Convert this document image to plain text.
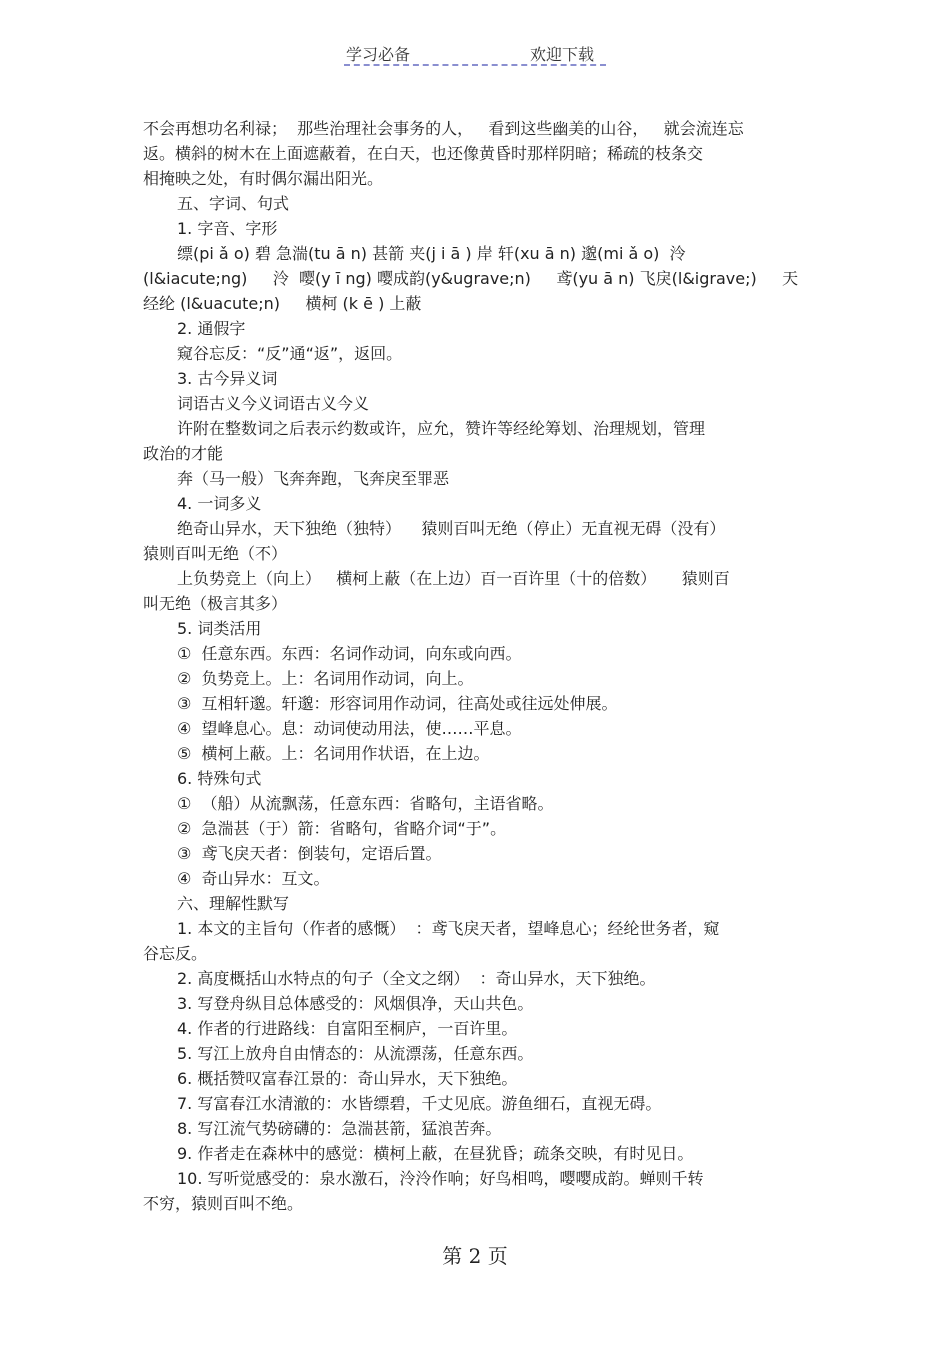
学习必备	欢迎下载
不会再想功名利禄；  那些治理社会事务的人，   看到这些幽美的山谷，   就会流连忘
返。横斜的树木在上面遮蔽着，在白天，也还像黄昏时那样阴暗；稀疏的枝条交
相掩映之处，有时偶尔漏出阳光。
五、字词、句式
1. 字音、字形
缥(pi ǎ o) 碧 急湍(tu ā n) 甚箭 夹(j i ā ) 岸 轩(xu ā n) 邈(mi ǎ o)  泠
(l&iacute;ng)     泠  嘤(y ī ng) 嘤成韵(y&ugrave;n)     鸢(yu ā n) 飞戾(l&igrave;)     天
经纶 (l&uacute;n)     横柯 (k ē ) 上蔽
2. 通假字
窥谷忘反：“反”通“返”，返回。
3. 古今异义词
词语古义今义词语古义今义
许附在整数词之后表示约数或许，应允，赞许等经纶筹划、治理规划，管理
政治的才能
奔（马一般）飞奔奔跑，飞奔戾至罪恶
4. 一词多义
绝奇山异水，天下独绝（独特）    猿则百叫无绝（停止）无直视无碍（没有）
猿则百叫无绝（不）
上负势竞上（向上）   横柯上蔽（在上边）百一百许里（十的倍数）     猿则百
叫无绝（极言其多）
5. 词类活用
①  任意东西。东西：名词作动词，向东或向西。
②  负势竞上。上：名词用作动词，向上。
③  互相轩邈。轩邈：形容词用作动词，往高处或往远处伸展。
④  望峰息心。息：动词使动用法，使……平息。
⑤  横柯上蔽。上：名词用作状语，在上边。
6. 特殊句式
①  （船）从流飘荡，任意东西：省略句，主语省略。
②  急湍甚（于）箭：省略句，省略介词“于”。
③  鸢飞戾天者：倒装句，定语后置。
④  奇山异水：互文。
六、理解性默写
1. 本文的主旨句（作者的感慨）  ：鸢飞戾天者，望峰息心；经纶世务者，窥
谷忘反。
2. 高度概括山水特点的句子（全文之纲）  ：奇山异水，天下独绝。
3. 写登舟纵目总体感受的：风烟俱净，天山共色。
4. 作者的行进路线：自富阳至桐庐，一百许里。
5. 写江上放舟自由情态的：从流漂荡，任意东西。
6. 概括赞叹富春江景的：奇山异水，天下独绝。
7. 写富春江水清澈的：水皆缥碧，千丈见底。游鱼细石，直视无碍。
8. 写江流气势磅礴的：急湍甚箭，猛浪苦奔。
9. 作者走在森林中的感觉：横柯上蔽，在昼犹昏；疏条交映，有时见日。
10. 写听觉感受的：泉水激石，泠泠作响；好鸟相鸣，嘤嘤成韵。蝉则千转
不穷，猿则百叫不绝。
第 2 页
